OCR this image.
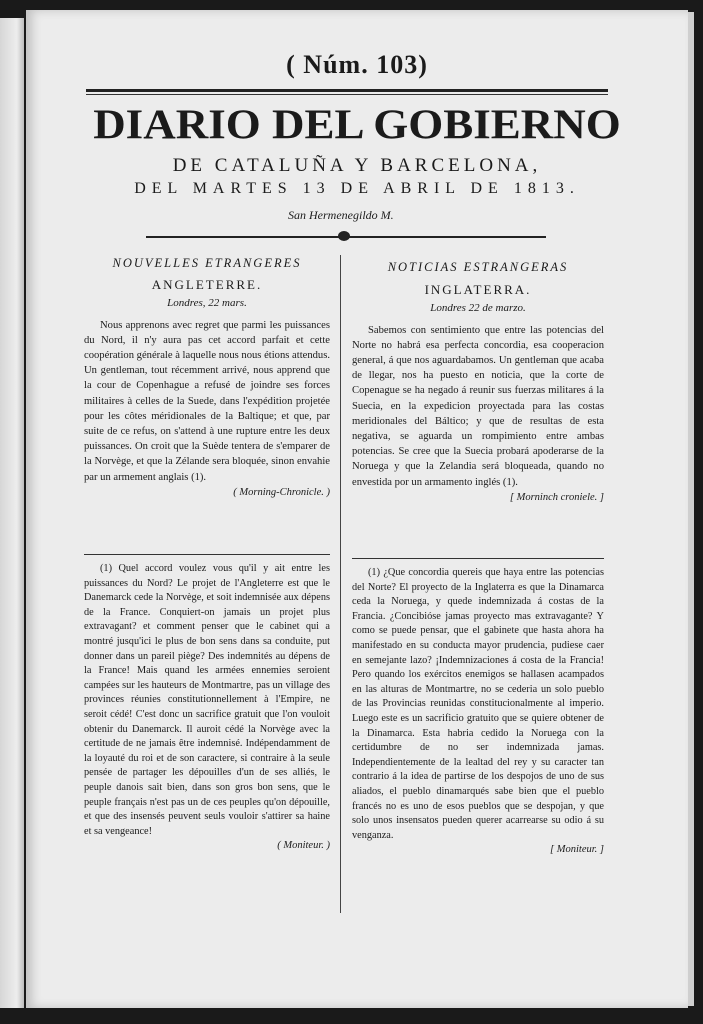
( Núm. 103)
DIARIO DEL GOBIERNO
DE CATALUÑA Y BARCELONA,
DEL MARTES 13 DE ABRIL DE 1813.
San Hermenegildo M.
NOUVELLES ETRANGERES
ANGLETERRE.
Londres, 22 mars.

Nous apprenons avec regret que parmi les puissances du Nord, il n'y aura pas cet accord parfait et cette coopération générale à laquelle nous nous étions attendus. Un gentleman, tout récemment arrivé, nous apprend que la cour de Copenhague a refusé de joindre ses forces militaires à celles de la Suede, dans l'expédition projetée pour les côtes méridionales de la Baltique; et que, par suite de ce refus, on s'attend à une rupture entre les deux puissances. On croit que la Suède tentera de s'emparer de la Norvège, et que la Zélande sera bloquée, sinon envahie par un armement anglais (1).

( Morning-Chronicle. )

(1) Quel accord voulez vous qu'il y ait entre les puissances du Nord? Le projet de l'Angleterre est que le Danemarck cede la Norvège, et soit indemnisée aux dépens de la France. Conquiert-on jamais un projet plus extravagant? et comment penser que le cabinet qui a montré jusqu'ici le plus de bon sens dans sa conduite, put donner dans un pareil piège? Des indemnités au dépens de la France! Mais quand les armées ennemies seroient campées sur les hauteurs de Montmartre, pas un village des provinces réunies constitutionnellement à l'Empire, ne seroit cédé! C'est donc un sacrifice gratuit que l'on vouloit obtenir du Danemarck. Il auroit cédé la Norvège avec la certitude de ne jamais être indemnisé. Indépendamment de la loyauté du roi et de son caractere, si contraire à la seule pensée de partager les dépouilles d'un de ses alliés, le peuple danois sait bien, dans son gros bon sens, que le peuple français n'est pas un de ces peuples qu'on dépouille, et que des insensés peuvent seuls vouloir s'attirer sa haine et sa vengeance!

( Moniteur. )
NOTICIAS ESTRANGERAS
INGLATERRA.
Londres 22 de marzo.

Sabemos con sentimiento que entre las potencias del Norte no habrá esa perfecta concordia, esa cooperacion general, á que nos aguardabamos. Un gentleman que acaba de llegar, nos ha puesto en noticia, que la corte de Copenague se ha negado á reunir sus fuerzas militares á la Suecia, en la expedicion proyectada para las costas meridionales del Báltico; y que de resultas de esta negativa, se aguarda un rompimiento entre ambas potencias. Se cree que la Suecia probará apoderarse de la Noruega y que la Zelandia será bloqueada, quando no envestida por un armamento inglés (1).

[ Morninch croniele. ]

(1) ¿Que concordia quereis que haya entre las potencias del Norte? El proyecto de la Inglaterra es que la Dinamarca ceda la Noruega, y quede indemnizada á costas de la Francia. ¿Concibióse jamas proyecto mas extravagante? Y como se puede pensar, que el gabinete que hasta ahora ha manifestado en su conducta mayor prudencia, pudiese caer en semejante lazo? ¡Indemnizaciones á costa de la Francia! Pero quando los exércitos enemigos se hallasen acampados en las alturas de Montmartre, no se cederia un solo pueblo de las Provincias reunidas constitucionalmente al imperio. Luego este es un sacrificio gratuito que se quiere obtener de la Dinamarca. Esta habria cedido la Noruega con la certidumbre de no ser indemnizada jamas. Independientemente de la lealtad del rey y su caracter tan contrario á la idea de partirse de los despojos de uno de sus aliados, el pueblo dinamarqués sabe bien que el pueblo francés no es uno de esos pueblos que se despojan, y que solo unos insensatos pueden querer acarrearse su odio á su venganza.

[ Moniteur. ]
